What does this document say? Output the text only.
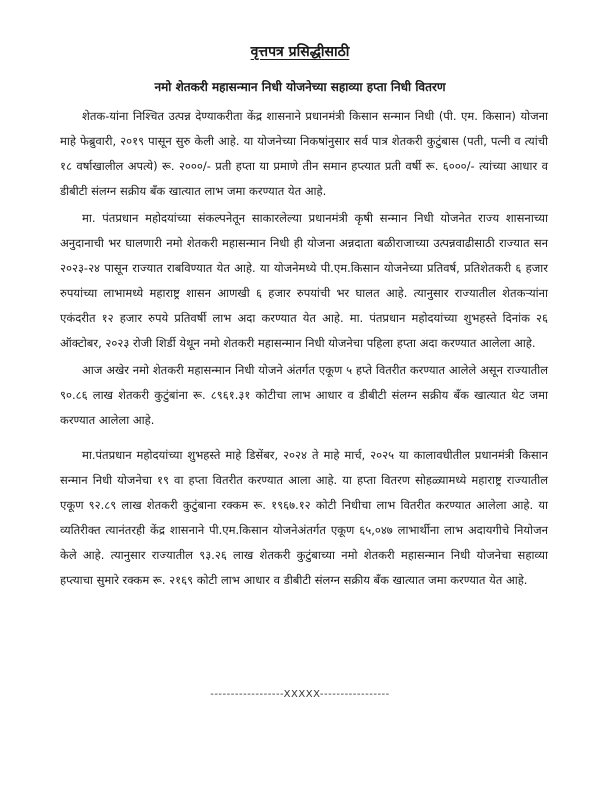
वृत्तपत्र प्रसिद्धीसाठी
नमो शेतकरी महासन्मान निधी योजनेच्या सहाव्या हप्ता निधी वितरण

शेतक-यांना निश्चित उत्पन्न देण्याकरीता केंद्र शासनाने प्रधानमंत्री किसान सन्मान निधी (पी. एम. किसान) योजना माहे फेब्रुवारी, २०१९ पासून सुरु केली आहे. या योजनेच्या निकषांनुसार सर्व पात्र शेतकरी कुटुंबास (पती, पत्नी व त्यांची १८ वर्षाखालील अपत्ये) रू. २०००/- प्रती हप्ता या प्रमाणे तीन समान हप्त्यात प्रती वर्षी रू. ६०००/- त्यांच्या आधार व डीबीटी संलग्न सक्रीय बँक खात्यात लाभ जमा करण्यात येत आहे.

मा. पंतप्रधान महोदयांच्या संकल्पनेतून साकारलेल्या प्रधानमंत्री कृषी सन्मान निधी योजनेत राज्य शासनाच्या अनुदानाची भर घालणारी नमो शेतकरी महासन्मान निधी ही योजना अन्नदाता बळीराजाच्या उत्पन्नवाढीसाठी राज्यात सन २०२३-२४ पासून राज्यात राबविण्यात येत आहे. या योजनेमध्ये पी.एम.किसान योजनेच्या प्रतिवर्ष, प्रतिशेतकरी ६ हजार रुपयांच्या लाभामध्ये महाराष्ट्र शासन आणखी ६ हजार रुपयांची भर घालत आहे. त्यानुसार राज्यातील शेतकऱ्यांना एकंदरीत १२ हजार रुपये प्रतिवर्षी लाभ अदा करण्यात येत आहे. मा. पंतप्रधान महोदयांच्या शुभहस्ते दिनांक २६ ऑक्टोबर, २०२३ रोजी शिर्डी येथून नमो शेतकरी महासन्मान निधी योजनेचा पहिला हप्ता अदा करण्यात आलेला आहे.

आज अखेर नमो शेतकरी महासन्मान निधी योजने अंतर्गत एकूण ५ हप्ते वितरीत करण्यात आलेले असून राज्यातील ९०.८६ लाख शेतकरी कुटुंबांना रू. ८९६१.३१ कोटीचा लाभ आधार व डीबीटी संलग्न सक्रीय बँक खात्यात थेट जमा करण्यात आलेला आहे.

मा.पंतप्रधान महोदयांच्या शुभहस्ते माहे डिसेंबर, २०२४ ते माहे मार्च, २०२५ या कालावधीतील प्रधानमंत्री किसान सन्मान निधी योजनेचा १९ वा हप्ता वितरीत करण्यात आला आहे. या हप्ता वितरण सोहळ्यामध्ये महाराष्ट्र राज्यातील एकूण ९२.८९ लाख शेतकरी कुटुंबाना रक्कम रू. १९६७.१२ कोटी निधीचा लाभ वितरीत करण्यात आलेला आहे. या व्यतिरीक्त त्यानंतरही केंद्र शासनाने पी.एम.किसान योजनेअंतर्गत एकूण ६५,०४७ लाभार्थीना लाभ अदायगीचे नियोजन केले आहे. त्यानुसार राज्यातील ९३.२६ लाख शेतकरी कुटुंबाच्या नमो शेतकरी महासन्मान निधी योजनेचा सहाव्या हप्त्याचा सुमारे रक्कम रू. २१६९ कोटी लाभ आधार व डीबीटी संलग्न सक्रीय बँक खात्यात जमा करण्यात येत आहे.

------------------XXXXX-----------------
